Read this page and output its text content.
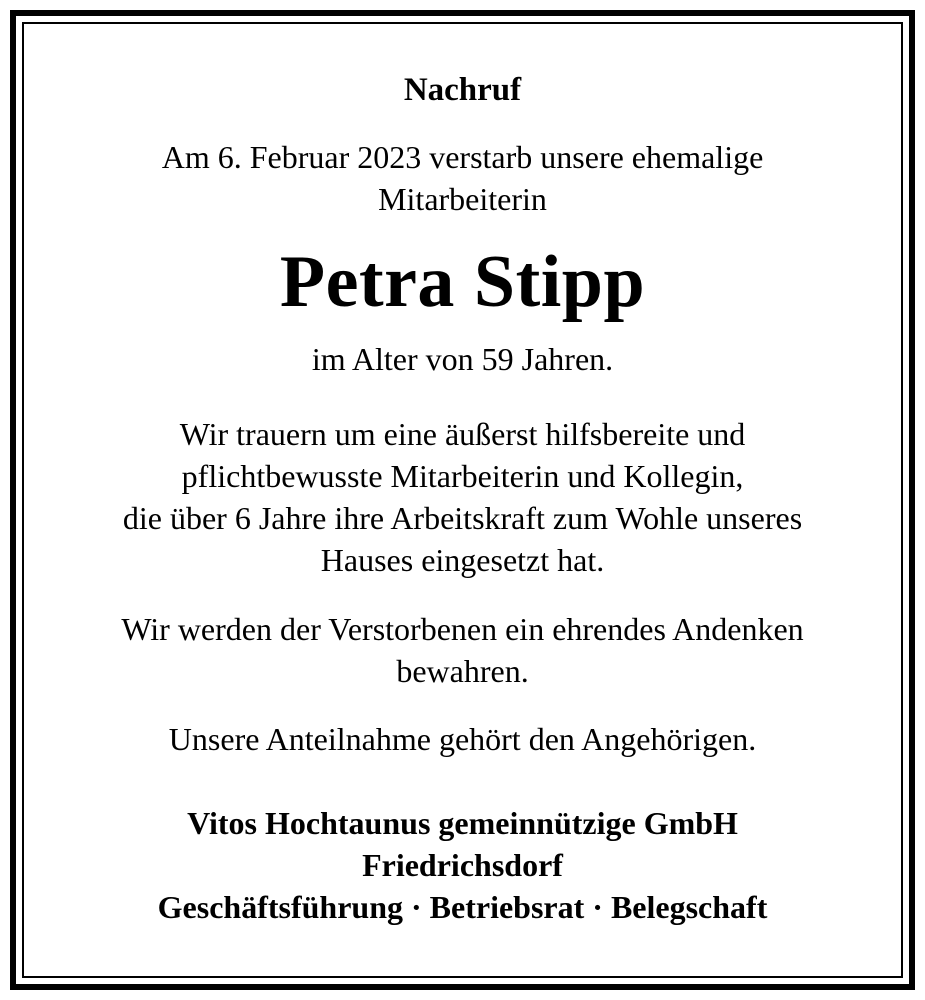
Nachruf

Am 6. Februar 2023 verstarb unsere ehemalige

Mitarbeiterin

Petra Stipp

im Alter von 59 Jahren.

Wir trauern um eine äußerst hilfsbereite und

pflichtbewusste Mitarbeiterin und Kollegin,

die über 6 Jahre ihre Arbeitskraft zum Wohle unseres

Hauses eingesetzt hat.

Wir werden der Verstorbenen ein ehrendes Andenken

bewahren.

Unsere Anteilnahme gehört den Angehörigen.

Vitos Hochtaunus gemeinnützige GmbH

Friedrichsdorf

Geschäftsführung · Betriebsrat · Belegschaft
